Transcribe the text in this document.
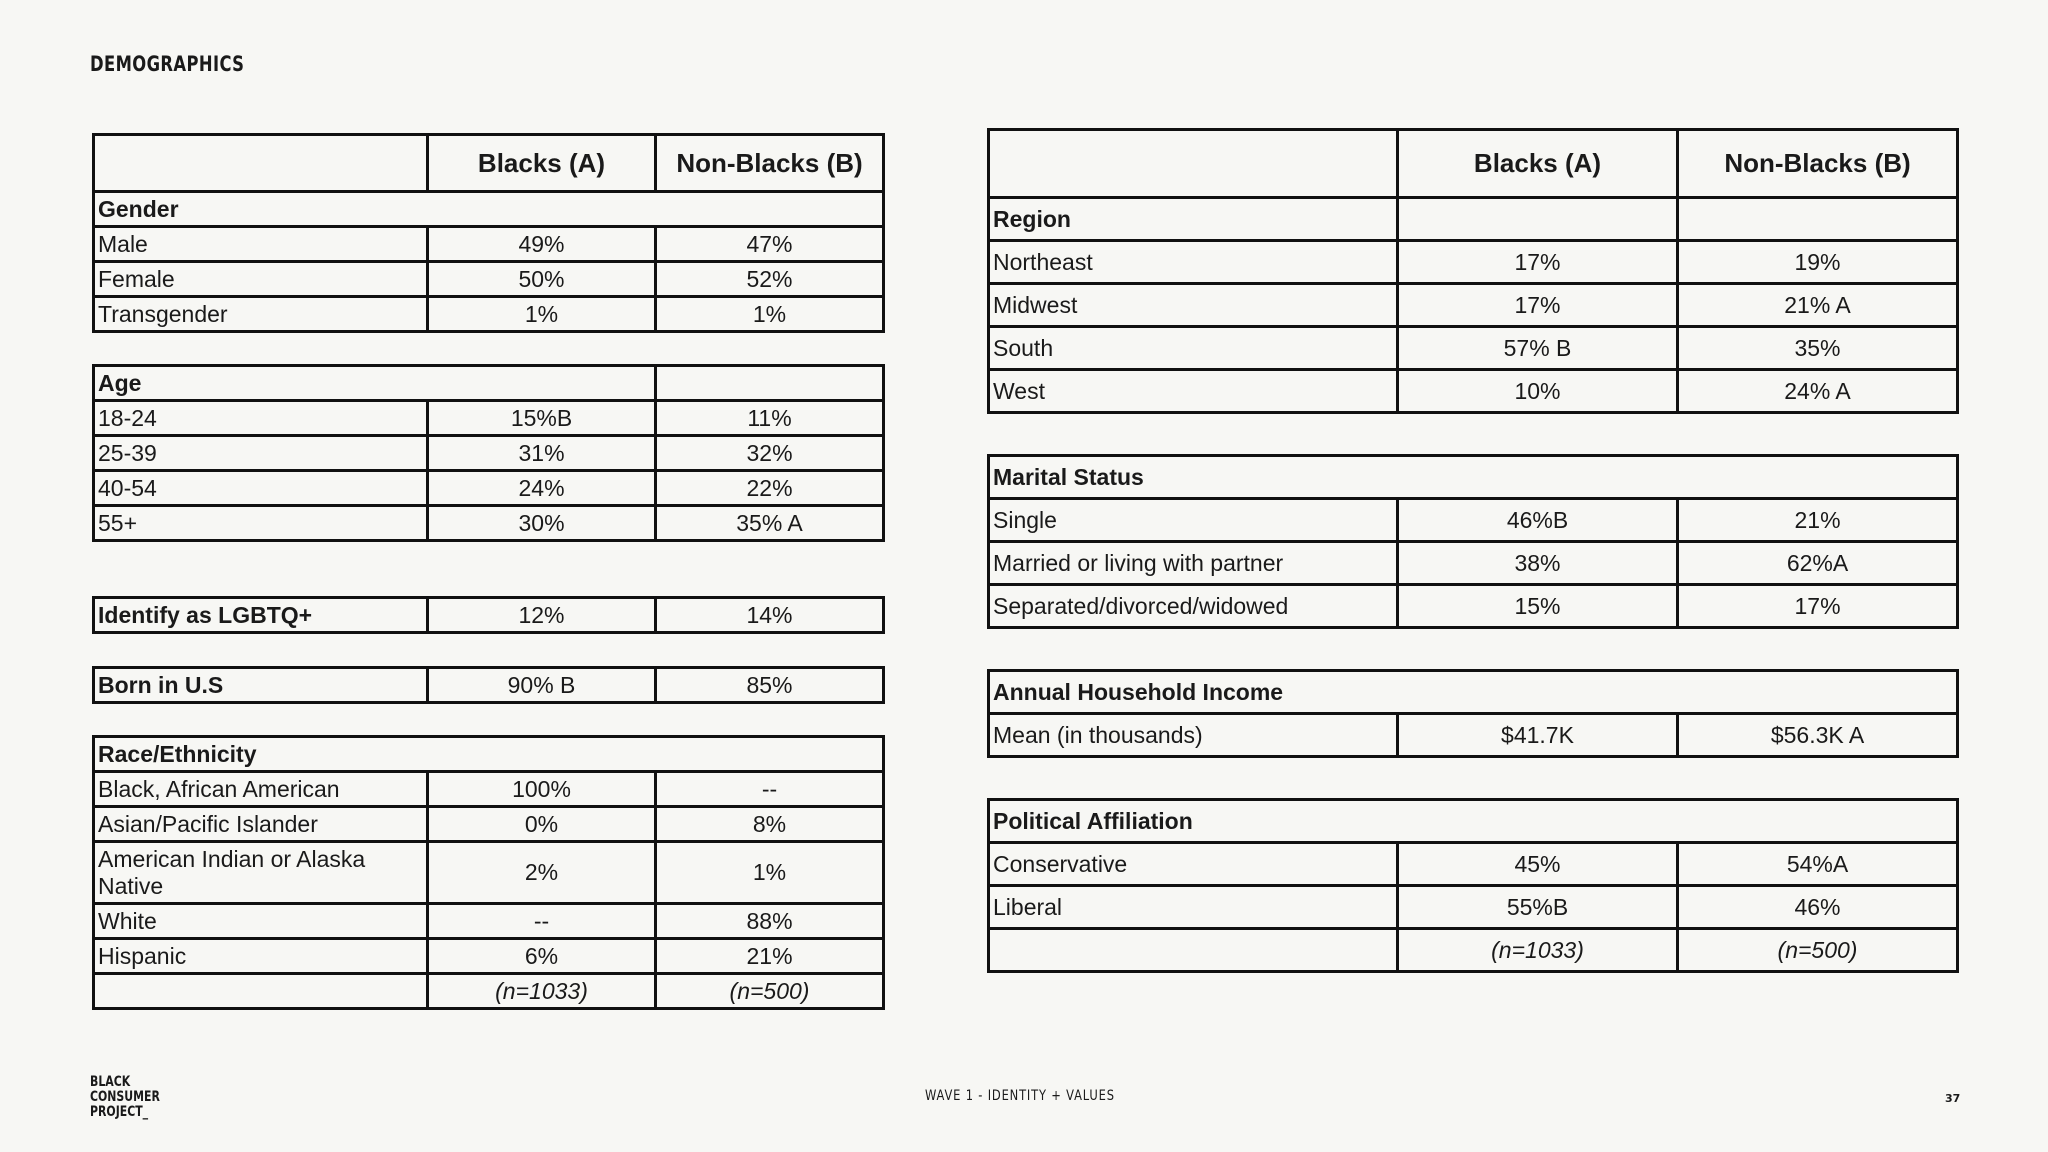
DEMOGRAPHICS
	Blacks (A)	Non-Blacks (B)
Gender		
Male	49%	47%
Female	50%	52%
Transgender	1%	1%
Age		
18-24	15%B	11%
25-39	31%	32%
40-54	24%	22%
55+	30%	35% A
Identify as LGBTQ+	12%	14%
Born in U.S	90% B	85%
Race/Ethnicity		
Black, African American	100%	--
Asian/Pacific Islander	0%	8%
American Indian or Alaska Native	2%	1%
White	--	88%
Hispanic	6%	21%
	(n=1033)	(n=500)
	Blacks (A)	Non-Blacks (B)
Region		
Northeast	17%	19%
Midwest	17%	21% A
South	57% B	35%
West	10%	24% A
Marital Status		
Single	46%B	21%
Married or living with partner	38%	62%A
Separated/divorced/widowed	15%	17%
Annual Household Income
Mean (in thousands)	$41.7K	$56.3K A
Political Affiliation		
Conservative	45%	54%A
Liberal	55%B	46%
	(n=1033)	(n=500)
BLACK
CONSUMER
PROJECT_
WAVE 1 - IDENTITY + VALUES	37
